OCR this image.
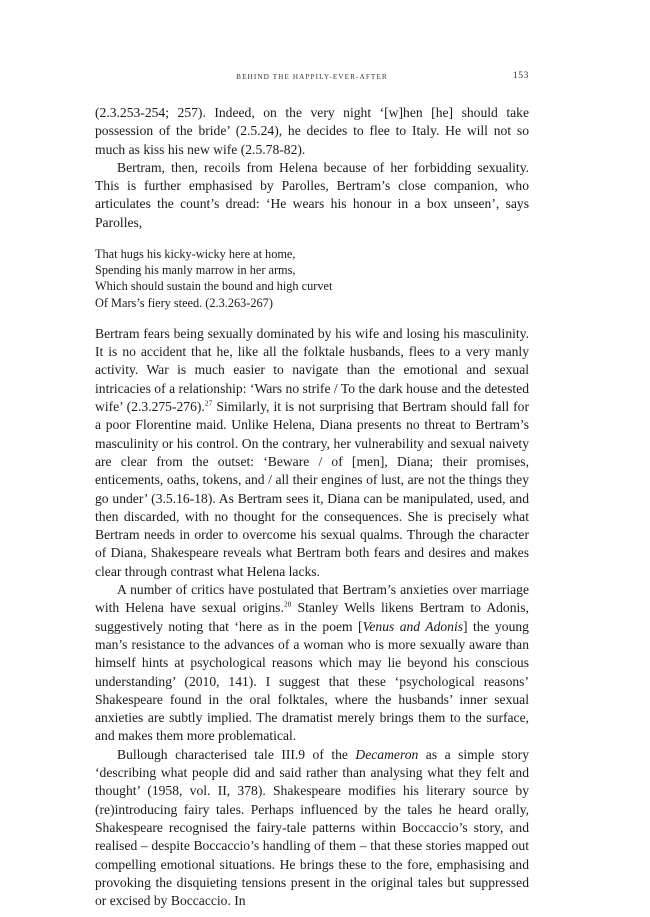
BEHIND THE HAPPILY-EVER-AFTER	153

(2.3.253-254; 257). Indeed, on the very night ‘[w]hen [he] should take possession of the bride’ (2.5.24), he decides to flee to Italy. He will not so much as kiss his new wife (2.5.78-82).

Bertram, then, recoils from Helena because of her forbidding sexuality. This is further emphasised by Parolles, Bertram’s close companion, who articulates the count’s dread: ‘He wears his honour in a box unseen’, says Parolles,

That hugs his kicky-wicky here at home,
Spending his manly marrow in her arms,
Which should sustain the bound and high curvet
Of Mars’s fiery steed. (2.3.263-267)

Bertram fears being sexually dominated by his wife and losing his masculinity. It is no accident that he, like all the folktale husbands, flees to a very manly activity. War is much easier to navigate than the emotional and sexual intricacies of a relationship: ‘Wars no strife / To the dark house and the detested wife’ (2.3.275-276).$^{27}$ Similarly, it is not surprising that Bertram should fall for a poor Florentine maid. Unlike Helena, Diana presents no threat to Bertram’s masculinity or his control. On the contrary, her vulnerability and sexual naivety are clear from the outset: ‘Beware / of [men], Diana; their promises, enticements, oaths, tokens, and / all their engines of lust, are not the things they go under’ (3.5.16-18). As Bertram sees it, Diana can be manipulated, used, and then discarded, with no thought for the consequences. She is precisely what Bertram needs in order to overcome his sexual qualms. Through the character of Diana, Shakespeare reveals what Bertram both fears and desires and makes clear through contrast what Helena lacks.

A number of critics have postulated that Bertram’s anxieties over marriage with Helena have sexual origins.$^{28}$ Stanley Wells likens Bertram to Adonis, suggestively noting that ‘here as in the poem [Venus and Adonis] the young man’s resistance to the advances of a woman who is more sexually aware than himself hints at psychological reasons which may lie beyond his conscious understanding’ (2010, 141). I suggest that these ‘psychological reasons’ Shakespeare found in the oral folktales, where the husbands’ inner sexual anxieties are subtly implied. The dramatist merely brings them to the surface, and makes them more problematical.

Bullough characterised tale III.9 of the Decameron as a simple story ‘describing what people did and said rather than analysing what they felt and thought’ (1958, vol. II, 378). Shakespeare modifies his literary source by (re)introducing fairy tales. Perhaps influenced by the tales he heard orally, Shakespeare recognised the fairy-tale patterns within Boccaccio’s story, and realised – despite Boccaccio’s handling of them – that these stories mapped out compelling emotional situations. He brings these to the fore, emphasising and provoking the disquieting tensions present in the original tales but suppressed or excised by Boccaccio. In
